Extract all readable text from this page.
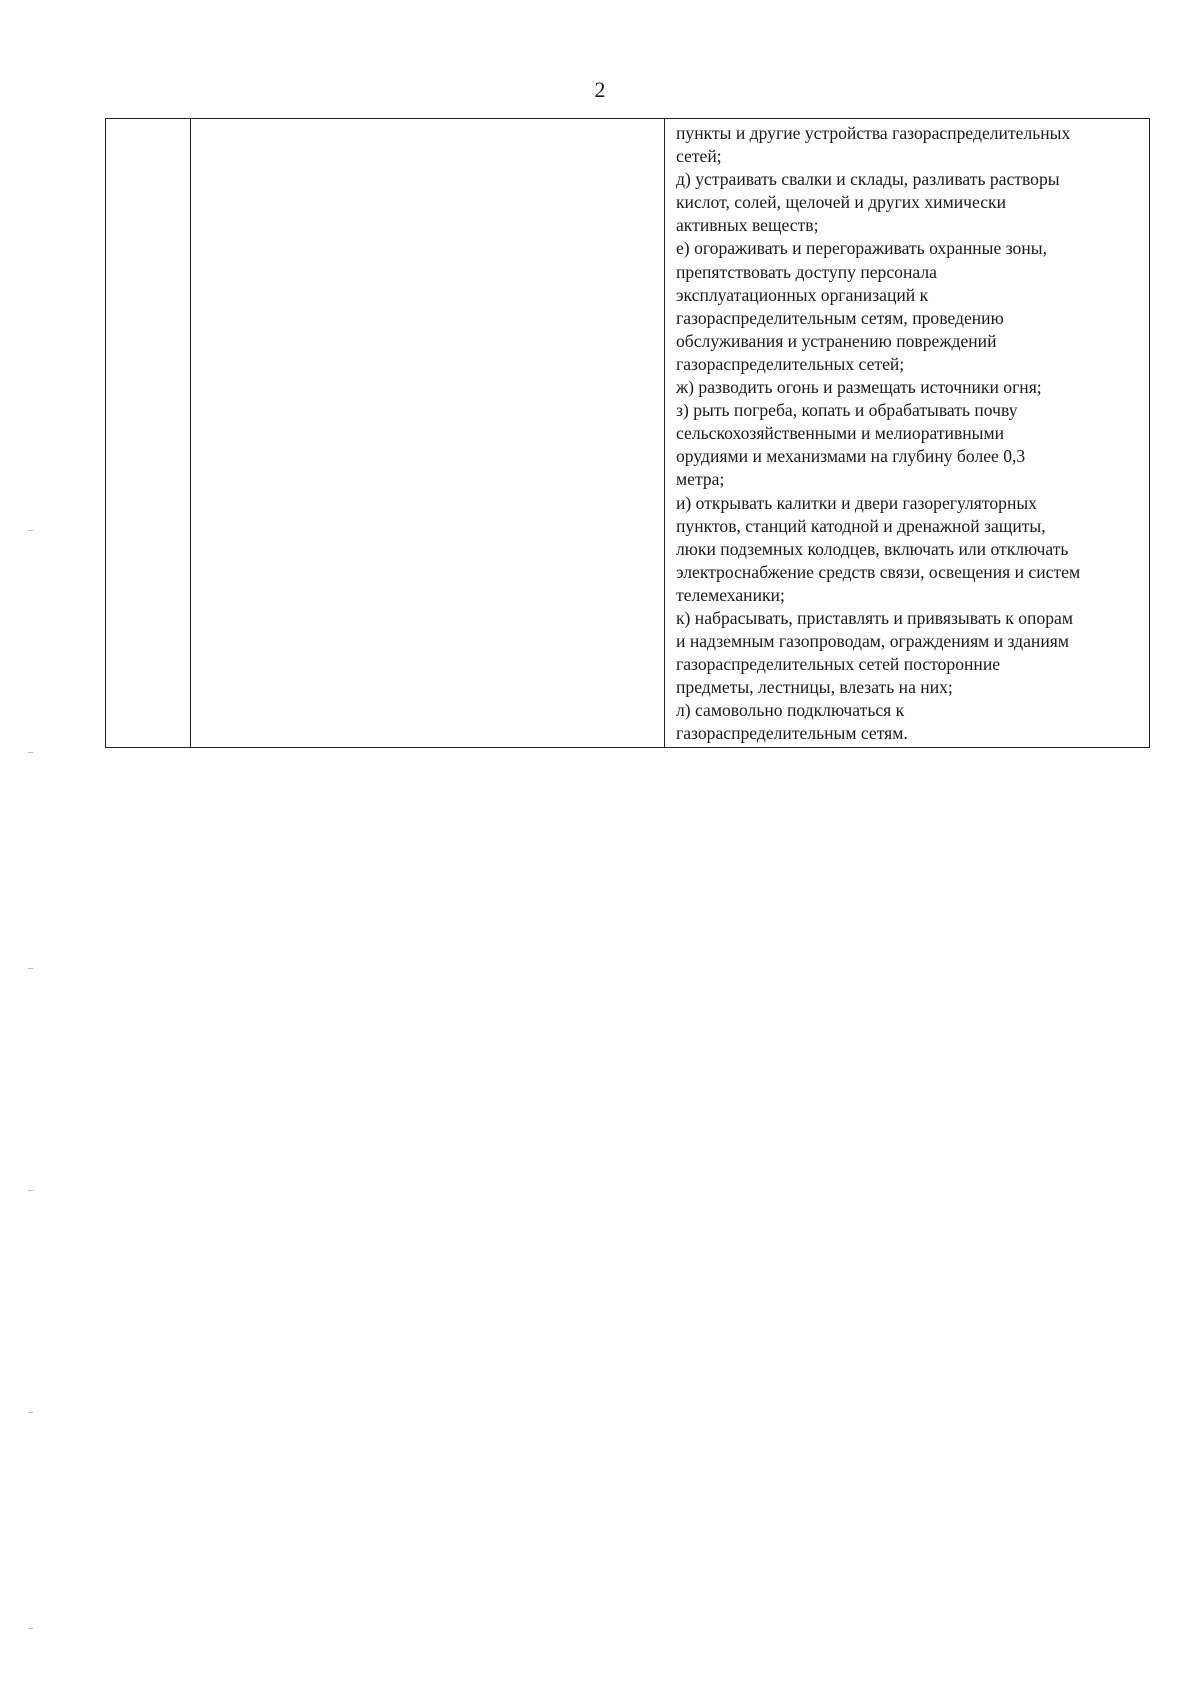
2
пункты и другие устройства газораспределительных
сетей;
д) устраивать свалки и склады, разливать растворы
кислот, солей, щелочей и других химически
активных веществ;
е) огораживать и перегораживать охранные зоны,
препятствовать доступу персонала
эксплуатационных организаций к
газораспределительным сетям, проведению
обслуживания и устранению повреждений
газораспределительных сетей;
ж) разводить огонь и размещать источники огня;
з) рыть погреба, копать и обрабатывать почву
сельскохозяйственными и мелиоративными
орудиями и механизмами на глубину более 0,3
метра;
и) открывать калитки и двери газорегуляторных
пунктов, станций катодной и дренажной защиты,
люки подземных колодцев, включать или отключать
электроснабжение средств связи, освещения и систем
телемеханики;
к) набрасывать, приставлять и привязывать к опорам
и надземным газопроводам, ограждениям и зданиям
газораспределительных сетей посторонние
предметы, лестницы, влезать на них;
л) самовольно подключаться к
газораспределительным сетям.
